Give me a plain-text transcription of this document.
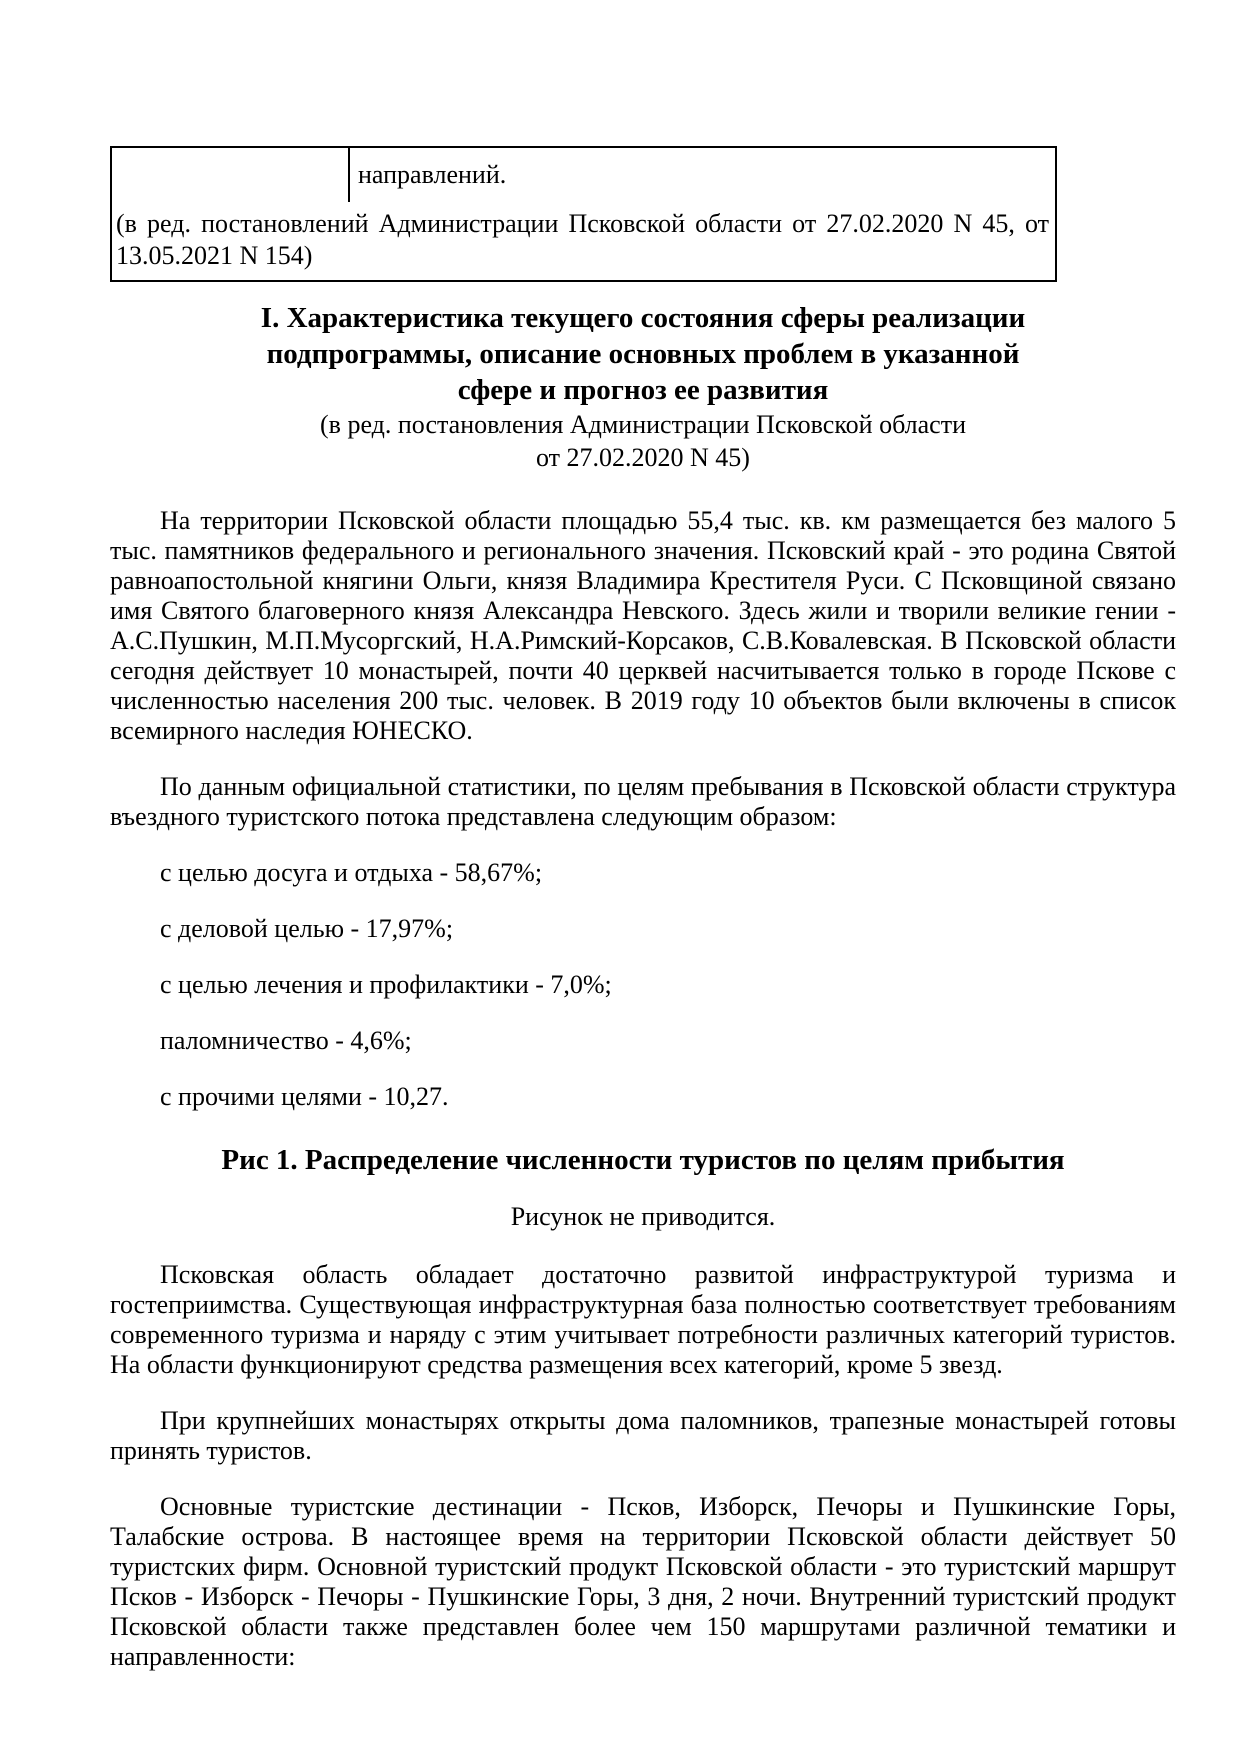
направлений.
(в ред. постановлений Администрации Псковской области от 27.02.2020 N 45, от
13.05.2021 N 154)
I. Характеристика текущего состояния сферы реализации
подпрограммы, описание основных проблем в указанной
сфере и прогноз ее развития
(в ред. постановления Администрации Псковской области
от 27.02.2020 N 45)
На территории Псковской области площадью 55,4 тыс. кв. км размещается без малого 5 тыс. памятников федерального и регионального значения. Псковский край - это родина Святой равноапостольной княгини Ольги, князя Владимира Крестителя Руси. С Псковщиной связано имя Святого благоверного князя Александра Невского. Здесь жили и творили великие гении - А.С.Пушкин, М.П.Мусоргский, Н.А.Римский-Корсаков, С.В.Ковалевская. В Псковской области сегодня действует 10 монастырей, почти 40 церквей насчитывается только в городе Пскове с численностью населения 200 тыс. человек. В 2019 году 10 объектов были включены в список всемирного наследия ЮНЕСКО.
По данным официальной статистики, по целям пребывания в Псковской области структура въездного туристского потока представлена следующим образом:
с целью досуга и отдыха - 58,67%;
с деловой целью - 17,97%;
с целью лечения и профилактики - 7,0%;
паломничество - 4,6%;
с прочими целями - 10,27.
Рис 1. Распределение численности туристов по целям прибытия
Рисунок не приводится.
Псковская область обладает достаточно развитой инфраструктурой туризма и гостеприимства. Существующая инфраструктурная база полностью соответствует требованиям современного туризма и наряду с этим учитывает потребности различных категорий туристов. На области функционируют средства размещения всех категорий, кроме 5 звезд.
При крупнейших монастырях открыты дома паломников, трапезные монастырей готовы принять туристов.
Основные туристские дестинации - Псков, Изборск, Печоры и Пушкинские Горы, Талабские острова. В настоящее время на территории Псковской области действует 50 туристских фирм. Основной туристский продукт Псковской области - это туристский маршрут Псков - Изборск - Печоры - Пушкинские Горы, 3 дня, 2 ночи. Внутренний туристский продукт Псковской области также представлен более чем 150 маршрутами различной тематики и направленности:
